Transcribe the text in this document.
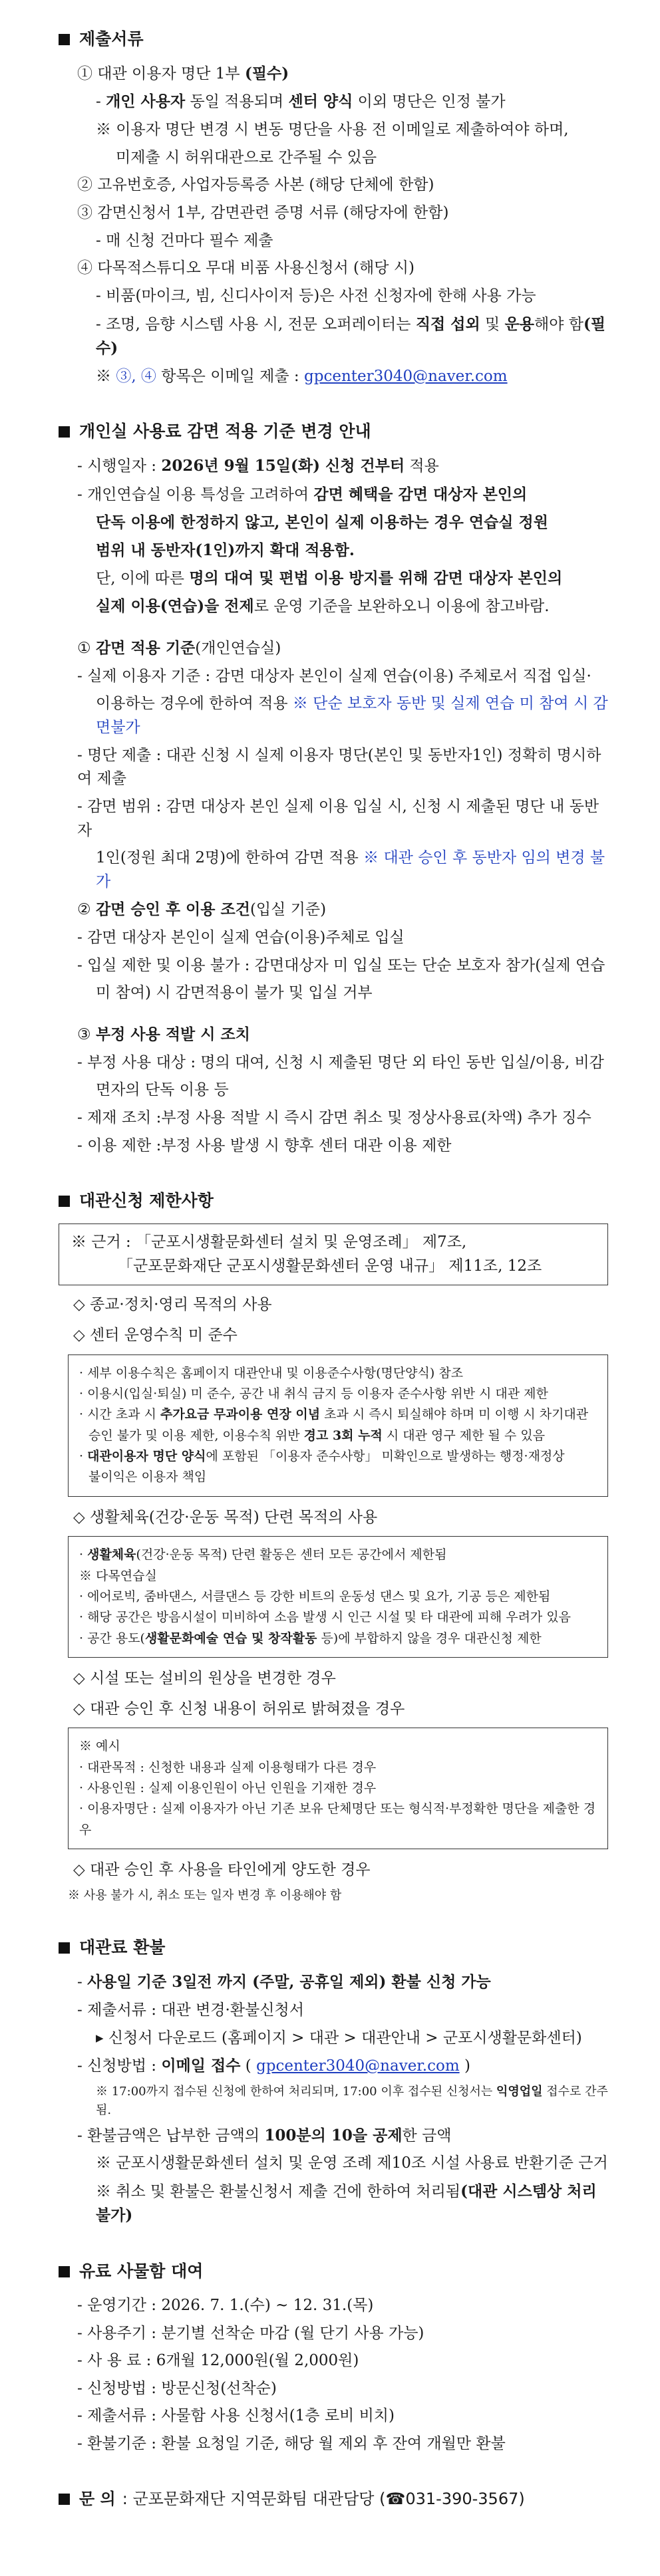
제출서류
① 대관 이용자 명단 1부 (필수)
- 개인 사용자 동일 적용되며 센터 양식 이외 명단은 인정 불가
※ 이용자 명단 변경 시 변동 명단을 사용 전 이메일로 제출하여야 하며,
미제출 시 허위대관으로 간주될 수 있음
② 고유번호증, 사업자등록증 사본 (해당 단체에 한함)
③ 감면신청서 1부, 감면관련 증명 서류 (해당자에 한함)
- 매 신청 건마다 필수 제출
④ 다목적스튜디오 무대 비품 사용신청서 (해당 시)
- 비품(마이크, 빔, 신디사이저 등)은 사전 신청자에 한해 사용 가능
- 조명, 음향 시스템 사용 시, 전문 오퍼레이터는 직접 섭외 및 운용해야 함(필수)
※ ③, ④ 항목은 이메일 제출 : gpcenter3040@naver.com
개인실 사용료 감면 적용 기준 변경 안내
- 시행일자 : 2026년 9월 15일(화) 신청 건부터 적용
- 개인연습실 이용 특성을 고려하여 감면 혜택을 감면 대상자 본인의
단독 이용에 한정하지 않고, 본인이 실제 이용하는 경우 연습실 정원
범위 내 동반자(1인)까지 확대 적용함.
단, 이에 따른 명의 대여 및 편법 이용 방지를 위해 감면 대상자 본인의
실제 이용(연습)을 전제로 운영 기준을 보완하오니 이용에 참고바람.
① 감면 적용 기준(개인연습실)
- 실제 이용자 기준 : 감면 대상자 본인이 실제 연습(이용) 주체로서 직접 입실·
이용하는 경우에 한하여 적용 ※ 단순 보호자 동반 및 실제 연습 미 참여 시 감면불가
- 명단 제출 : 대관 신청 시 실제 이용자 명단(본인 및 동반자1인) 정확히 명시하여 제출
- 감면 범위 : 감면 대상자 본인 실제 이용 입실 시, 신청 시 제출된 명단 내 동반자
1인(정원 최대 2명)에 한하여 감면 적용 ※ 대관 승인 후 동반자 임의 변경 불가
② 감면 승인 후 이용 조건(입실 기준)
- 감면 대상자 본인이 실제 연습(이용)주체로 입실
- 입실 제한 및 이용 불가 : 감면대상자 미 입실 또는 단순 보호자 참가(실제 연습
미 참여) 시 감면적용이 불가 및 입실 거부
③ 부정 사용 적발 시 조치
- 부정 사용 대상 : 명의 대여, 신청 시 제출된 명단 외 타인 동반 입실/이용, 비감
면자의 단독 이용 등
- 제재 조치 :부정 사용 적발 시 즉시 감면 취소 및 정상사용료(차액) 추가 징수
- 이용 제한 :부정 사용 발생 시 향후 센터 대관 이용 제한
대관신청 제한사항
※ 근거 : 「군포시생활문화센터 설치 및 운영조례」 제7조,
「군포문화재단 군포시생활문화센터 운영 내규」 제11조, 12조
◇ 종교·정치·영리 목적의 사용
◇ 센터 운영수칙 미 준수
· 세부 이용수칙은 홈페이지 대관안내 및 이용준수사항(명단양식) 참조
· 이용시(입실·퇴실) 미 준수, 공간 내 취식 금지 등 이용자 준수사항 위반 시 대관 제한
· 시간 초과 시 추가요금 무과이용 연장 이념 초과 시 즉시 퇴실해야 하며 미 이행 시 차기대관
승인 불가 및 이용 제한, 이용수칙 위반 경고 3회 누적 시 대관 영구 제한 될 수 있음
· 대관이용자 명단 양식에 포함된 「이용자 준수사항」 미확인으로 발생하는 행정·재정상
불이익은 이용자 책임
◇ 생활체육(건강·운동 목적) 단련 목적의 사용
· 생활체육(건강·운동 목적) 단련 활동은 센터 모든 공간에서 제한됨
※ 다목연습실
· 에어로빅, 줌바댄스, 서클댄스 등 강한 비트의 운동성 댄스 및 요가, 기공 등은 제한됨
· 해당 공간은 방음시설이 미비하여 소음 발생 시 인근 시설 및 타 대관에 피해 우려가 있음
· 공간 용도(생활문화예술 연습 및 창작활동 등)에 부합하지 않을 경우 대관신청 제한
◇ 시설 또는 설비의 원상을 변경한 경우
◇ 대관 승인 후 신청 내용이 허위로 밝혀졌을 경우
※ 예시
· 대관목적 : 신청한 내용과 실제 이용형태가 다른 경우
· 사용인원 : 실제 이용인원이 아닌 인원을 기재한 경우
· 이용자명단 : 실제 이용자가 아닌 기존 보유 단체명단 또는 형식적·부정확한 명단을 제출한 경우
◇ 대관 승인 후 사용을 타인에게 양도한 경우
※ 사용 불가 시, 취소 또는 일자 변경 후 이용해야 함
대관료 환불
- 사용일 기준 3일전 까지 (주말, 공휴일 제외) 환불 신청 가능
- 제출서류 : 대관 변경·환불신청서
▸ 신청서 다운로드 (홈페이지 > 대관 > 대관안내 > 군포시생활문화센터)
- 신청방법 : 이메일 접수 ( gpcenter3040@naver.com )
※ 17:00까지 접수된 신청에 한하여 처리되며, 17:00 이후 접수된 신청서는 익영업일 접수로 간주됨.
- 환불금액은 납부한 금액의 100분의 10을 공제한 금액
※ 군포시생활문화센터 설치 및 운영 조례 제10조 시설 사용료 반환기준 근거
※ 취소 및 환불은 환불신청서 제출 건에 한하여 처리됨(대관 시스템상 처리 불가)
유료 사물함 대여
- 운영기간 : 2026. 7. 1.(수) ~ 12. 31.(목)
- 사용주기 : 분기별 선착순 마감 (월 단기 사용 가능)
- 사 용 료 : 6개월 12,000원(월 2,000원)
- 신청방법 : 방문신청(선착순)
- 제출서류 : 사물함 사용 신청서(1층 로비 비치)
- 환불기준 : 환불 요청일 기준, 해당 월 제외 후 잔여 개월만 환불
문 의 : 군포문화재단 지역문화팀 대관담당 (☎031-390-3567)
